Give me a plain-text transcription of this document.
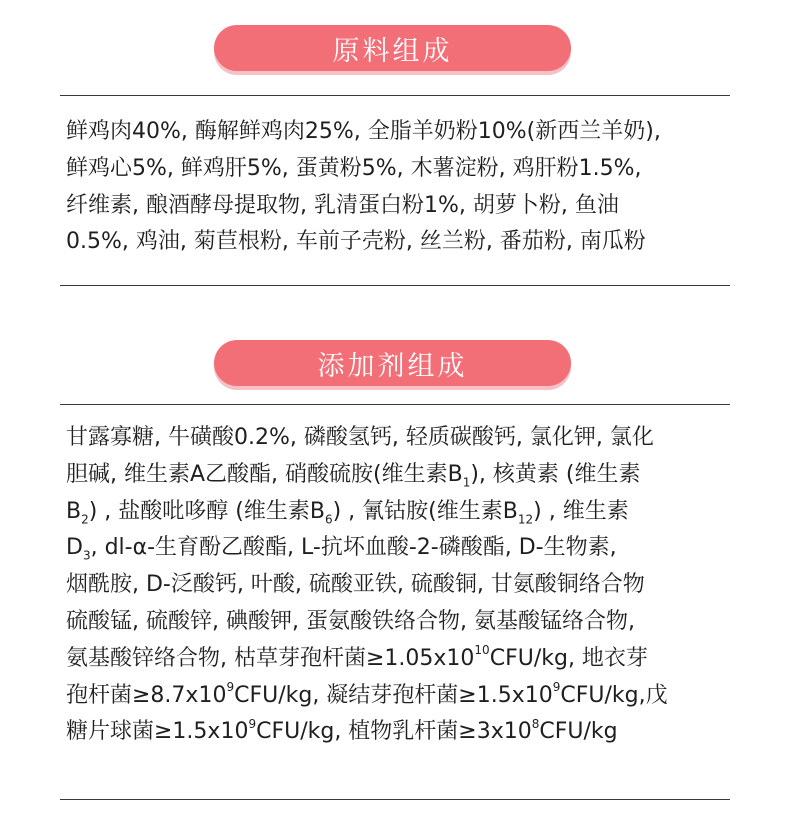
原料组成
鲜鸡肉40%, 酶解鲜鸡肉25%, 全脂羊奶粉10%(新西兰羊奶),
鲜鸡心5%, 鲜鸡肝5%, 蛋黄粉5%, 木薯淀粉, 鸡肝粉1.5%,
纤维素, 酿酒酵母提取物, 乳清蛋白粉1%, 胡萝卜粉, 鱼油
0.5%, 鸡油, 菊苣根粉, 车前子壳粉, 丝兰粉, 番茄粉, 南瓜粉
添加剂组成
甘露寡糖, 牛磺酸0.2%, 磷酸氢钙, 轻质碳酸钙, 氯化钾, 氯化
胆碱, 维生素A乙酸酯, 硝酸硫胺(维生素$B_1$), 核黄素 (维生素
$B_2$) , 盐酸吡哆醇 (维生素$B_6$) , 氰钴胺(维生素$B_{12}$) , 维生素
$D_3$, dl-α-生育酚乙酸酯, L-抗坏血酸-2-磷酸酯, D-生物素,
烟酰胺, D-泛酸钙, 叶酸, 硫酸亚铁, 硫酸铜, 甘氨酸铜络合物
硫酸锰, 硫酸锌, 碘酸钾, 蛋氨酸铁络合物, 氨基酸锰络合物,
氨基酸锌络合物, 枯草芽孢杆菌$\ge 1.05x10^{10}CFU/kg$, 地衣芽
孢杆菌$\ge 8.7x10^9CFU/kg$, 凝结芽孢杆菌$\ge 1.5x10^9CFU/kg$,戊
糖片球菌$\ge 1.5x10^9CFU/kg$, 植物乳杆菌$\ge 3x10^8CFU/kg$
